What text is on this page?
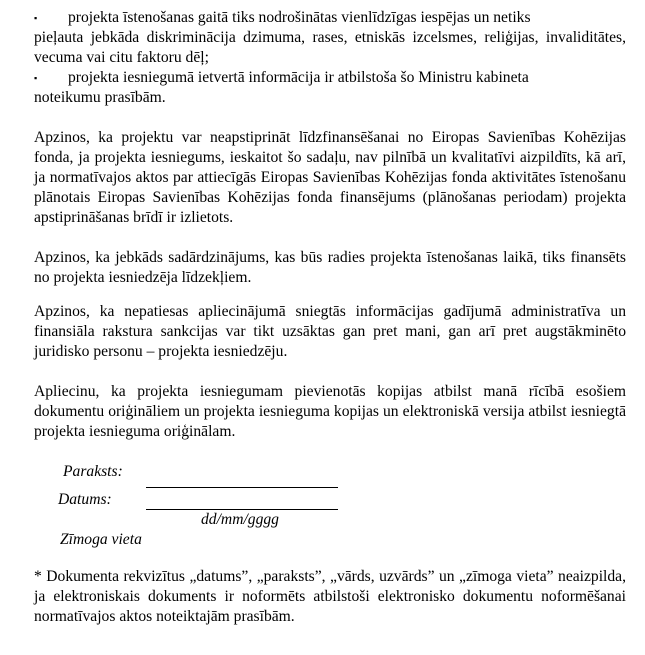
▪	projekta īstenošanas gaitā tiks nodrošinātas vienlīdzīgas iespējas un netiks
pieļauta jebkāda diskriminācija dzimuma, rases, etniskās izcelsmes, reliģijas, invaliditātes, vecuma vai citu faktoru dēļ;
▪	projekta iesniegumā ietvertā informācija ir atbilstoša šo Ministru kabineta
noteikumu prasībām.
Apzinos, ka projektu var neapstiprināt līdzfinansēšanai no Eiropas Savienības Kohēzijas fonda, ja projekta iesniegums, ieskaitot šo sadaļu, nav pilnībā un kvalitatīvi aizpildīts, kā arī, ja normatīvajos aktos par attiecīgās Eiropas Savienības Kohēzijas fonda aktivitātes īstenošanu plānotais Eiropas Savienības Kohēzijas fonda finansējums (plānošanas periodam) projekta apstiprināšanas brīdī ir izlietots.
Apzinos, ka jebkāds sadārdzinājums, kas būs radies projekta īstenošanas laikā, tiks finansēts no projekta iesniedzēja līdzekļiem.
Apzinos, ka nepatiesas apliecinājumā sniegtās informācijas gadījumā administratīva un finansiāla rakstura sankcijas var tikt uzsāktas gan pret mani, gan arī pret augstākminēto juridisko personu – projekta iesniedzēju.
Apliecinu, ka projekta iesniegumam pievienotās kopijas atbilst manā rīcībā esošiem dokumentu oriģināliem un projekta iesnieguma kopijas un elektroniskā versija atbilst iesniegtā projekta iesnieguma oriģinālam.
Paraksts:
Datums:
dd/mm/gggg
Zīmoga vieta
* Dokumenta rekvizītus „datums”, „paraksts”, „vārds, uzvārds” un „zīmoga vieta” neaizpilda, ja elektroniskais dokuments ir noformēts atbilstoši elektronisko dokumentu noformēšanai normatīvajos aktos noteiktajām prasībām.
